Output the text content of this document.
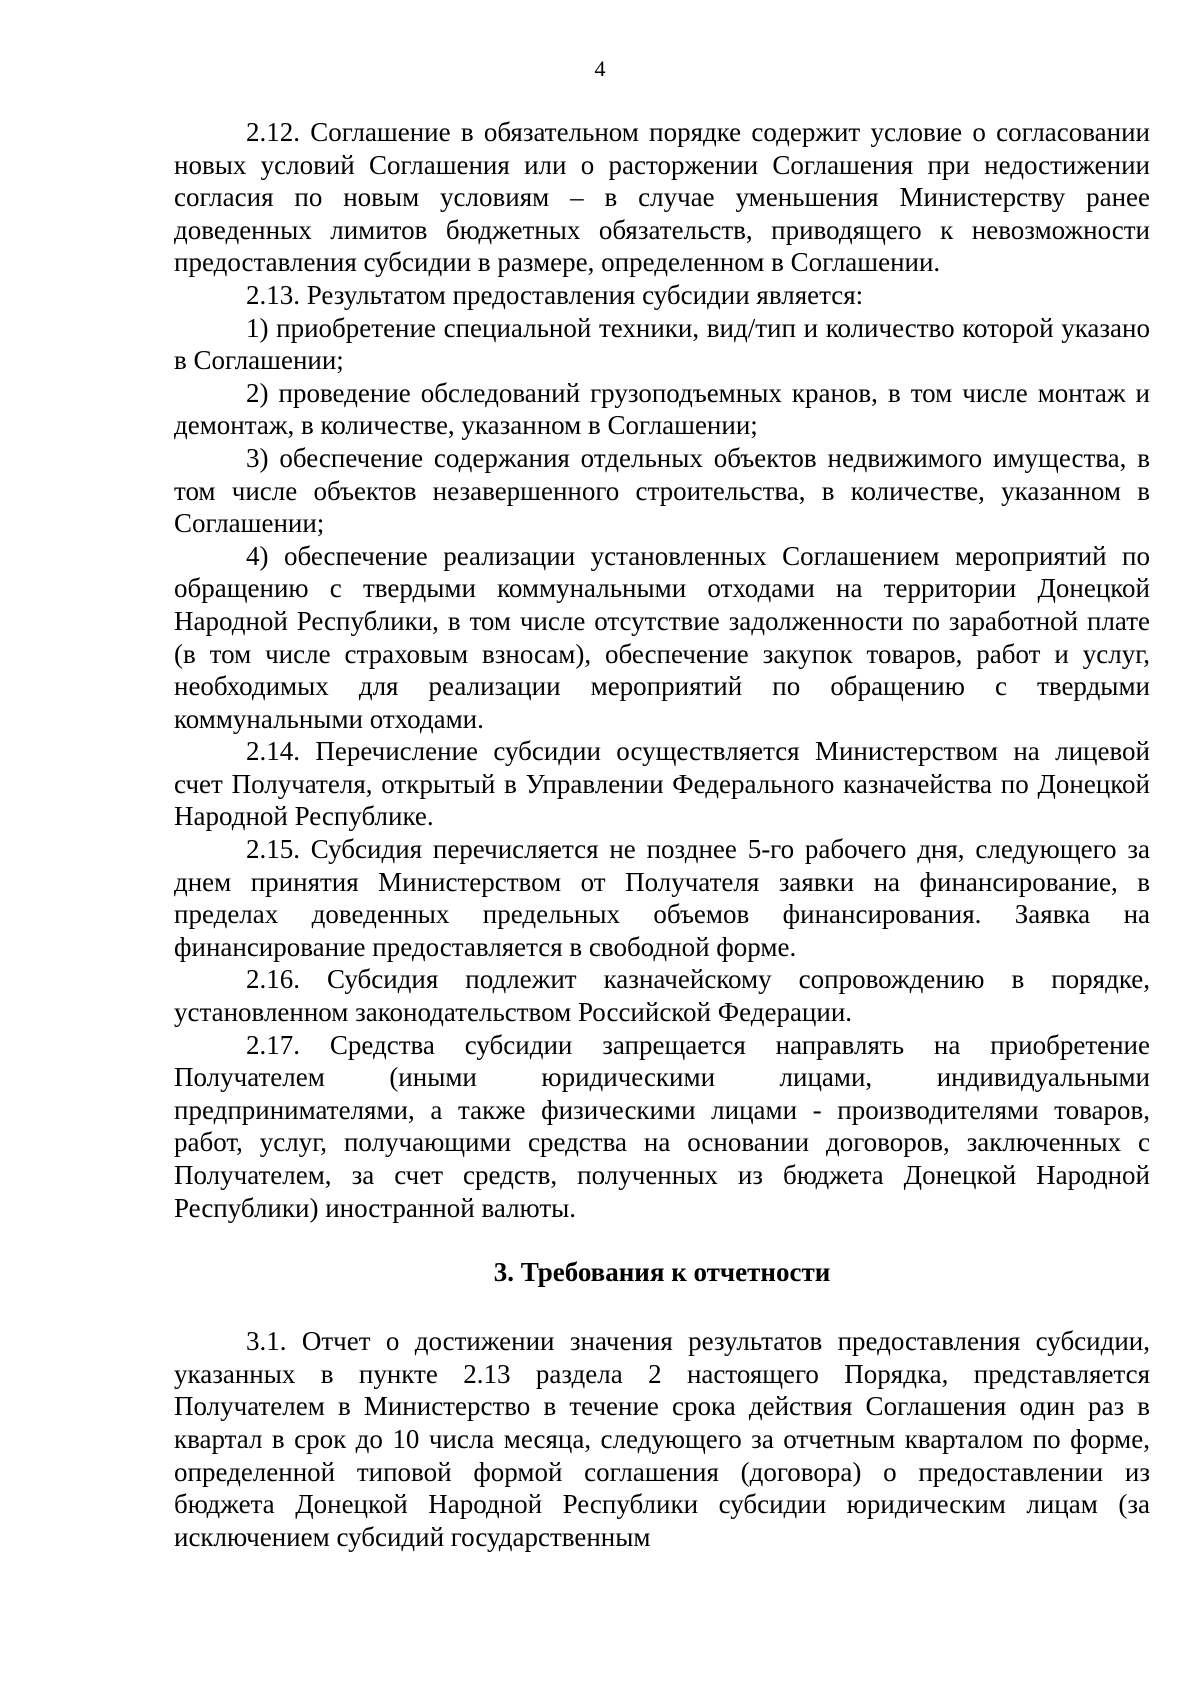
4

2.12. Соглашение в обязательном порядке содержит условие о согласовании новых условий Соглашения или о расторжении Соглашения при недостижении согласия по новым условиям – в случае уменьшения Министерству ранее доведенных лимитов бюджетных обязательств, приводящего к невозможности предоставления субсидии в размере, определенном в Соглашении.

2.13. Результатом предоставления субсидии является:

1) приобретение специальной техники, вид/тип и количество которой указано в Соглашении;

2) проведение обследований грузоподъемных кранов, в том числе монтаж и демонтаж, в количестве, указанном в Соглашении;

3) обеспечение содержания отдельных объектов недвижимого имущества, в том числе объектов незавершенного строительства, в количестве, указанном в Соглашении;

4) обеспечение реализации установленных Соглашением мероприятий по обращению с твердыми коммунальными отходами на территории Донецкой Народной Республики, в том числе отсутствие задолженности по заработной плате (в том числе страховым взносам), обеспечение закупок товаров, работ и услуг, необходимых для реализации мероприятий по обращению с твердыми коммунальными отходами.

2.14. Перечисление субсидии осуществляется Министерством на лицевой счет Получателя, открытый в Управлении Федерального казначейства по Донецкой Народной Республике.

2.15. Субсидия перечисляется не позднее 5-го рабочего дня, следующего за днем принятия Министерством от Получателя заявки на финансирование, в пределах доведенных предельных объемов финансирования. Заявка на финансирование предоставляется в свободной форме.

2.16. Субсидия подлежит казначейскому сопровождению в порядке, установленном законодательством Российской Федерации.

2.17. Средства субсидии запрещается направлять на приобретение Получателем (иными юридическими лицами, индивидуальными предпринимателями, а также физическими лицами - производителями товаров, работ, услуг, получающими средства на основании договоров, заключенных с Получателем, за счет средств, полученных из бюджета Донецкой Народной Республики) иностранной валюты.

3. Требования к отчетности

3.1. Отчет о достижении значения результатов предоставления субсидии, указанных в пункте 2.13 раздела 2 настоящего Порядка, представляется Получателем в Министерство в течение срока действия Соглашения один раз в квартал в срок до 10 числа месяца, следующего за отчетным кварталом по форме, определенной типовой формой соглашения (договора) о предоставлении из бюджета Донецкой Народной Республики субсидии юридическим лицам (за исключением субсидий государственным
